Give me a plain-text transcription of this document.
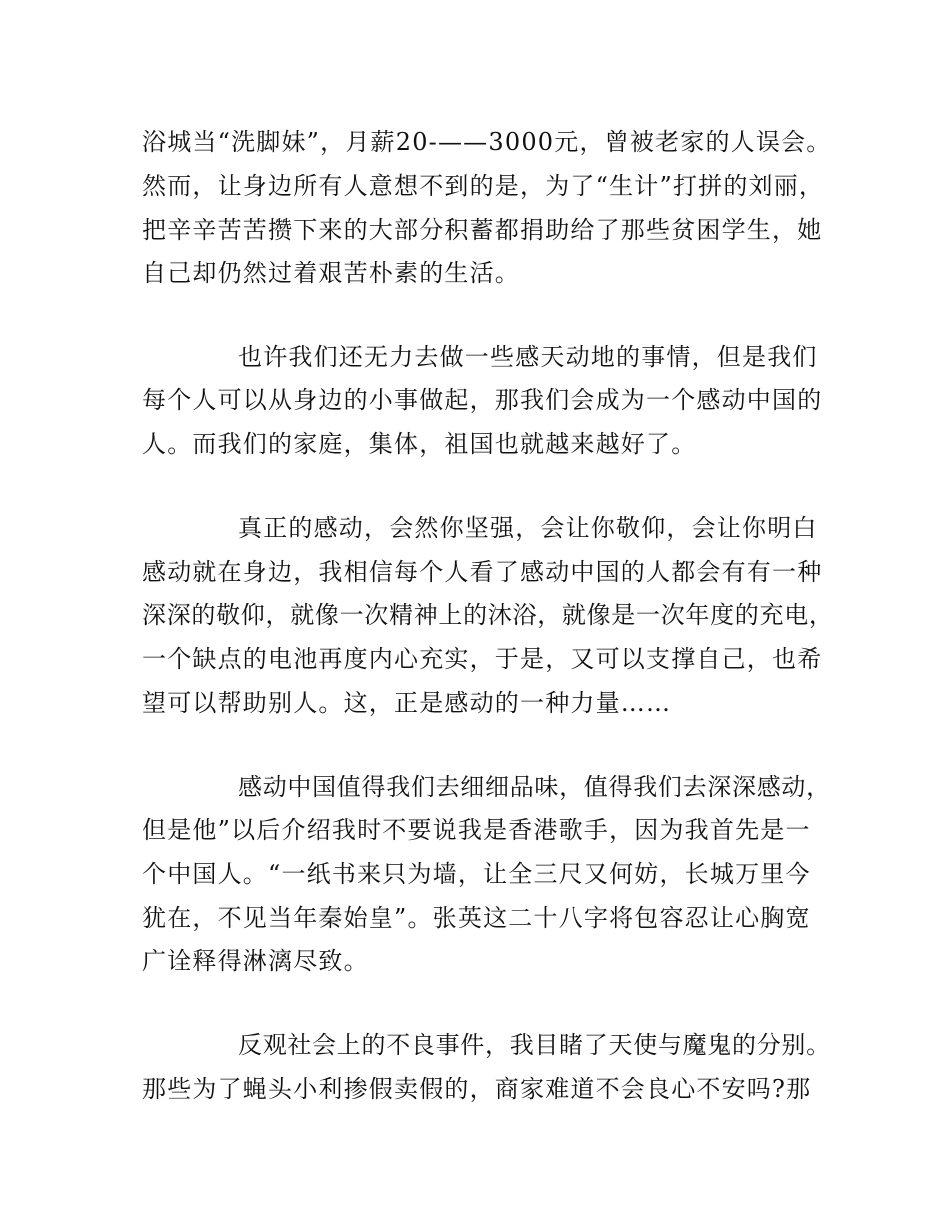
浴城当“洗脚妹”，月薪20-——3000元，曾被老家的人误会。
然而，让身边所有人意想不到的是，为了“生计”打拼的刘丽，
把辛辛苦苦攒下来的大部分积蓄都捐助给了那些贫困学生，她
自己却仍然过着艰苦朴素的生活。
也许我们还无力去做一些感天动地的事情，但是我们
每个人可以从身边的小事做起，那我们会成为一个感动中国的
人。而我们的家庭，集体，祖国也就越来越好了。
真正的感动，会然你坚强，会让你敬仰，会让你明白
感动就在身边，我相信每个人看了感动中国的人都会有有一种
深深的敬仰，就像一次精神上的沐浴，就像是一次年度的充电，
一个缺点的电池再度内心充实，于是，又可以支撑自己，也希
望可以帮助别人。这，正是感动的一种力量……
感动中国值得我们去细细品味，值得我们去深深感动，
但是他”以后介绍我时不要说我是香港歌手，因为我首先是一
个中国人。“一纸书来只为墙，让全三尺又何妨，长城万里今
犹在，不见当年秦始皇”。张英这二十八字将包容忍让心胸宽
广诠释得淋漓尽致。
反观社会上的不良事件，我目睹了天使与魔鬼的分别。
那些为了蝇头小利掺假卖假的，商家难道不会良心不安吗?那
